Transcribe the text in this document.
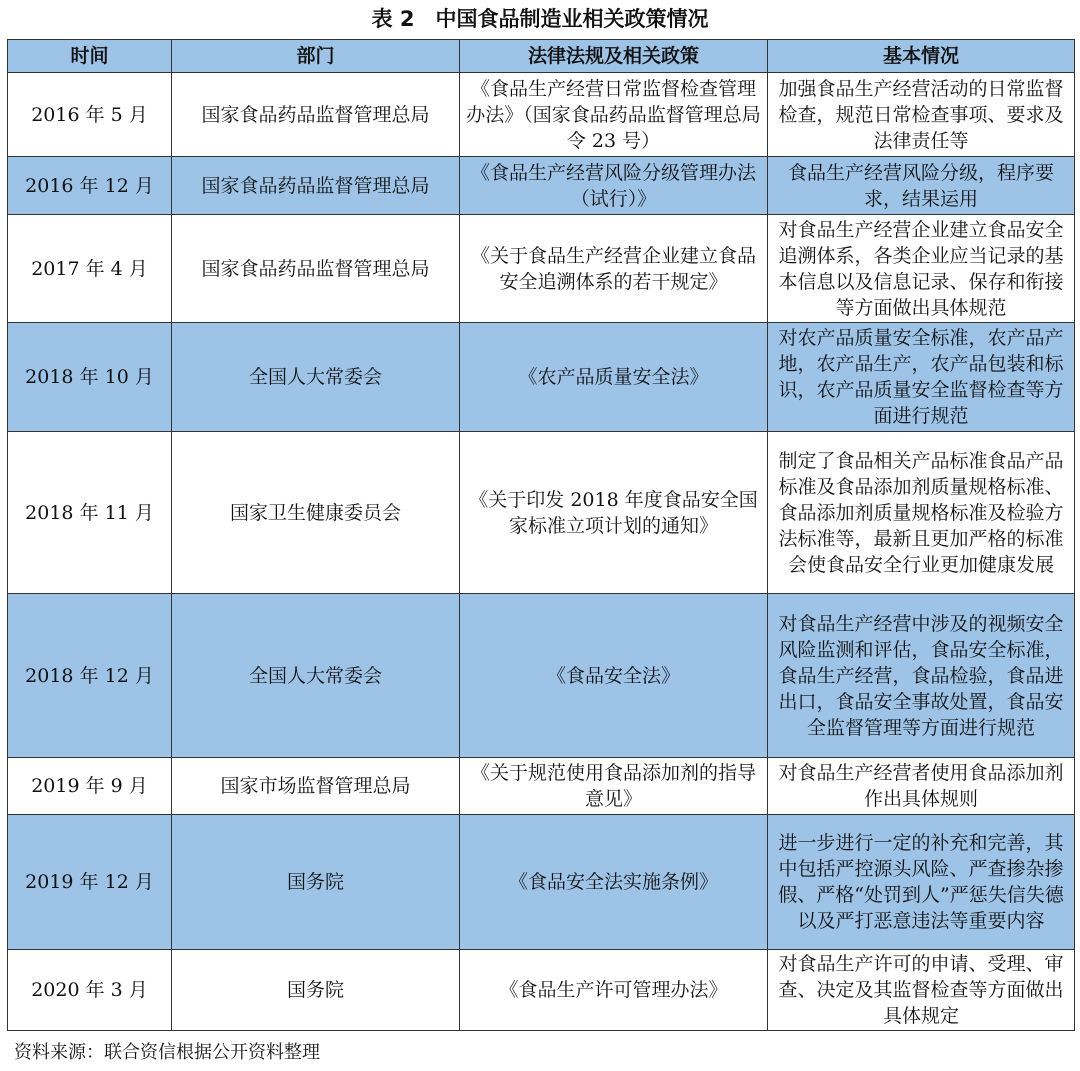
表 2　中国食品制造业相关政策情况
时间	部门	法律法规及相关政策	基本情况
2016 年 5 月	国家食品药品监督管理总局	《食品生产经营日常监督检查管理办法》（国家食品药品监督管理总局令 23 号）	加强食品生产经营活动的日常监督检查，规范日常检查事项、要求及法律责任等
2016 年 12 月	国家食品药品监督管理总局	《食品生产经营风险分级管理办法（试行）》	食品生产经营风险分级，程序要求，结果运用
2017 年 4 月	国家食品药品监督管理总局	《关于食品生产经营企业建立食品安全追溯体系的若干规定》	对食品生产经营企业建立食品安全追溯体系，各类企业应当记录的基本信息以及信息记录、保存和衔接等方面做出具体规范
2018 年 10 月	全国人大常委会	《农产品质量安全法》	对农产品质量安全标准，农产品产地，农产品生产，农产品包装和标识，农产品质量安全监督检查等方面进行规范
2018 年 11 月	国家卫生健康委员会	《关于印发 2018 年度食品安全国家标准立项计划的通知》	制定了食品相关产品标准食品产品标准及食品添加剂质量规格标准、食品添加剂质量规格标准及检验方法标准等，最新且更加严格的标准会使食品安全行业更加健康发展
2018 年 12 月	全国人大常委会	《食品安全法》	对食品生产经营中涉及的视频安全风险监测和评估，食品安全标准，食品生产经营，食品检验，食品进出口，食品安全事故处置，食品安全监督管理等方面进行规范
2019 年 9 月	国家市场监督管理总局	《关于规范使用食品添加剂的指导意见》	对食品生产经营者使用食品添加剂作出具体规则
2019 年 12 月	国务院	《食品安全法实施条例》	进一步进行一定的补充和完善，其中包括严控源头风险、严查掺杂掺假、严格“处罚到人”严惩失信失德以及严打恶意违法等重要内容
2020 年 3 月	国务院	《食品生产许可管理办法》	对食品生产许可的申请、受理、审查、决定及其监督检查等方面做出具体规定
资料来源：联合资信根据公开资料整理
